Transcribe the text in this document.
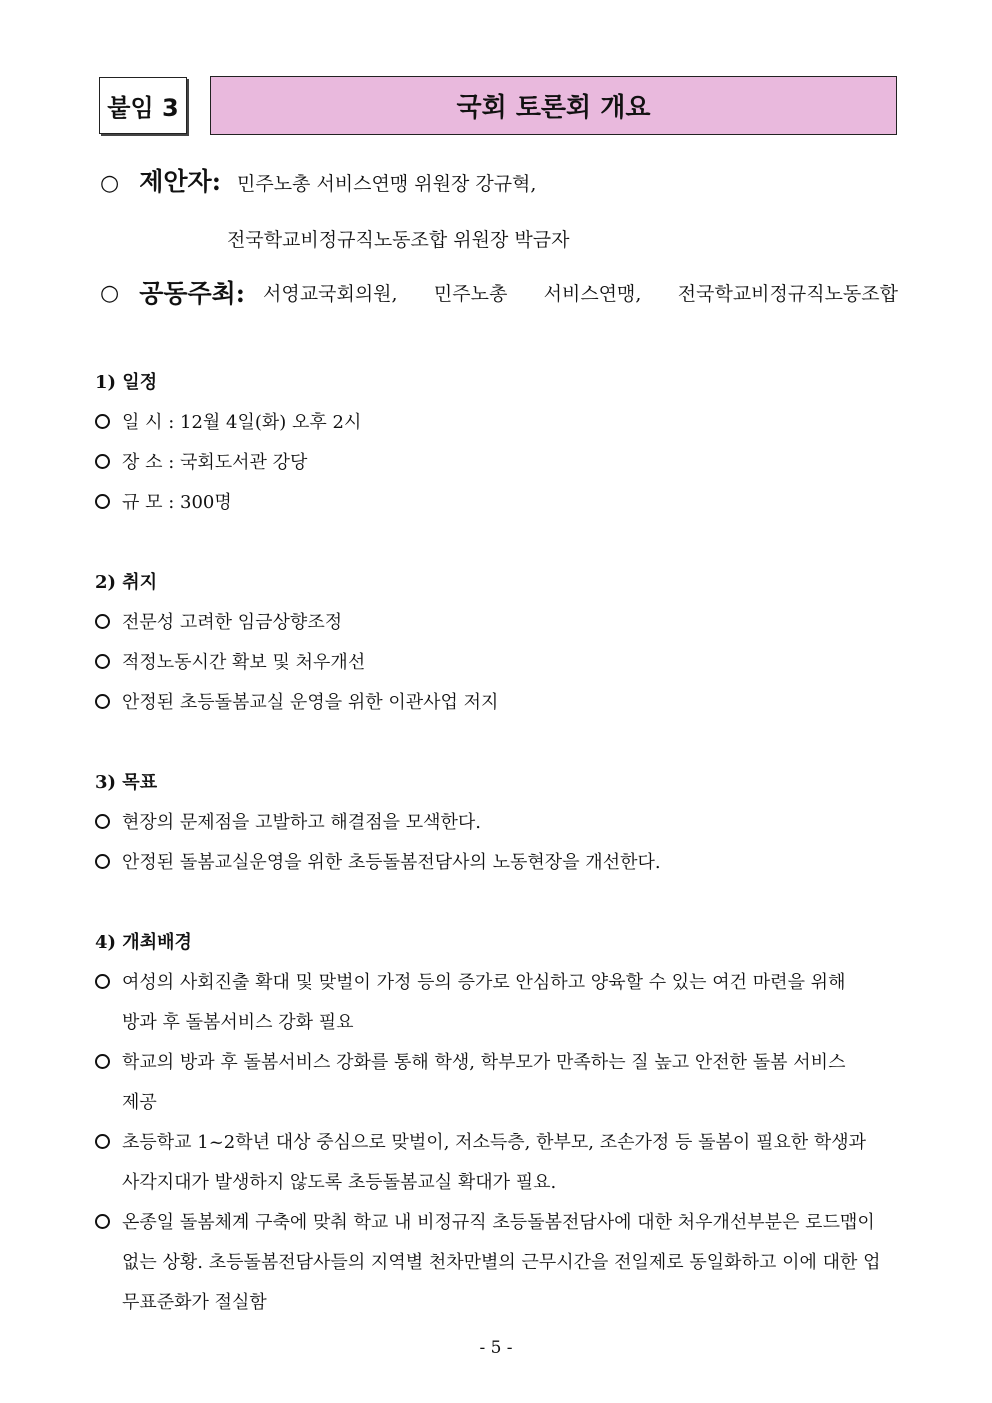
붙임 3	국회 토론회 개요
○ 제안자: 민주노총 서비스연맹 위원장 강규혁,
전국학교비정규직노동조합 위원장 박금자
○ 공동주최: 서영교국회의원, 민주노총 서비스연맹, 전국학교비정규직노동조합
1) 일정
일 시 : 12월 4일(화) 오후 2시
장 소 : 국회도서관 강당
규 모 : 300명
2) 취지
전문성 고려한 임금상향조정
적정노동시간 확보 및 처우개선
안정된 초등돌봄교실 운영을 위한 이관사업 저지
3) 목표
현장의 문제점을 고발하고 해결점을 모색한다.
안정된 돌봄교실운영을 위한 초등돌봄전담사의 노동현장을 개선한다.
4) 개최배경
여성의 사회진출 확대 및 맞벌이 가정 등의 증가로 안심하고 양육할 수 있는 여건 마련을 위해
방과 후 돌봄서비스 강화 필요
학교의 방과 후 돌봄서비스 강화를 통해 학생, 학부모가 만족하는 질 높고 안전한 돌봄 서비스
제공
초등학교 1~2학년 대상 중심으로 맞벌이, 저소득층, 한부모, 조손가정 등 돌봄이 필요한 학생과
사각지대가 발생하지 않도록 초등돌봄교실 확대가 필요.
온종일 돌봄체계 구축에 맞춰 학교 내 비정규직 초등돌봄전담사에 대한 처우개선부분은 로드맵이
없는 상황. 초등돌봄전담사들의 지역별 천차만별의 근무시간을 전일제로 동일화하고 이에 대한 업
무표준화가 절실함
- 5 -
